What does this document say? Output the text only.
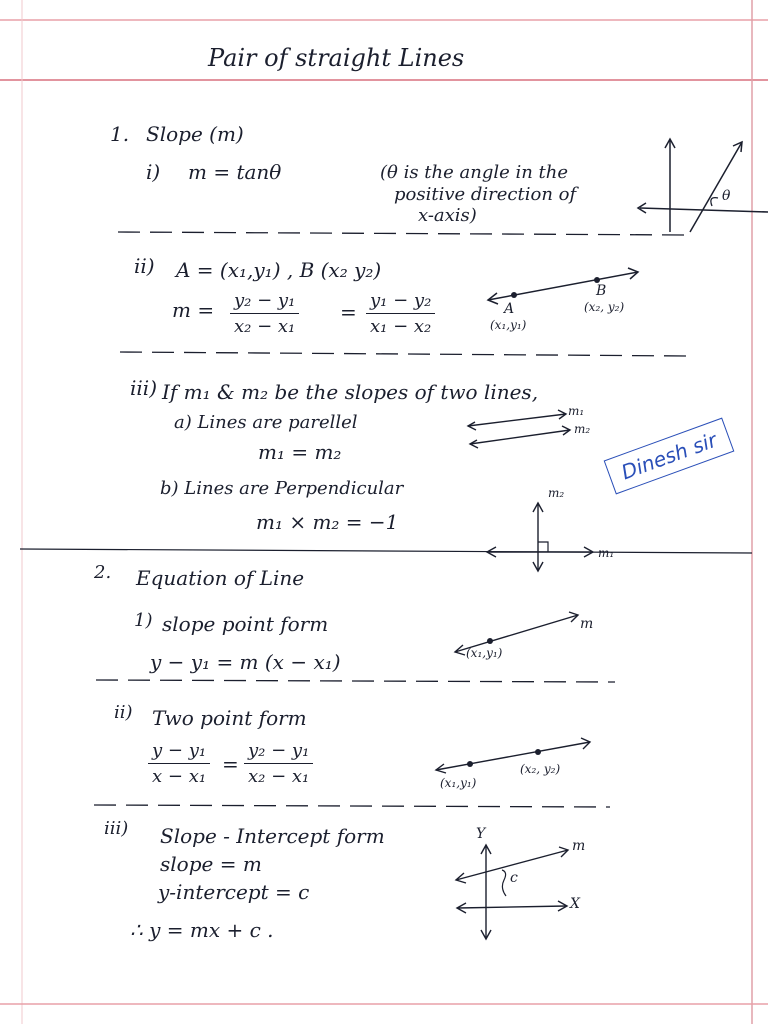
Pair of straight Lines
1. Slope (m)
i) m = tanθ	(θ is the angle in the
positive direction of
x-axis)
θ
ii) A = (x₁,y₁) , B (x₂ y₂)
$m = \frac{\text{y₂ − y₁}}{\text{x₂ − x₁}} = \frac{\text{y₁ − y₂}}{\text{x₁ − x₂}}$	A
(x₁,y₁)
B
(x₂, y₂)
iii) If m₁ & m₂ be the slopes of two lines,
a) Lines are parellel
m₁ = m₂
m₁
m₂
b) Lines are Perpendicular
m₁ × m₂ = −1
m₂
m₁
Dinesh sir
2. Equation of Line
1) slope point form
y − y₁ = m (x − x₁)	(x₁,y₁)
m
ii) Two point form
$\frac{\text{y − y₁}}{\text{x − x₁}} = \frac{\text{y₂ − y₁}}{\text{x₂ − x₁}}$	(x₁,y₁)
(x₂, y₂)
iii) Slope - Intercept form
slope = m
y-intercept = c
∴ y = mx + c .
Y
X
m
c
